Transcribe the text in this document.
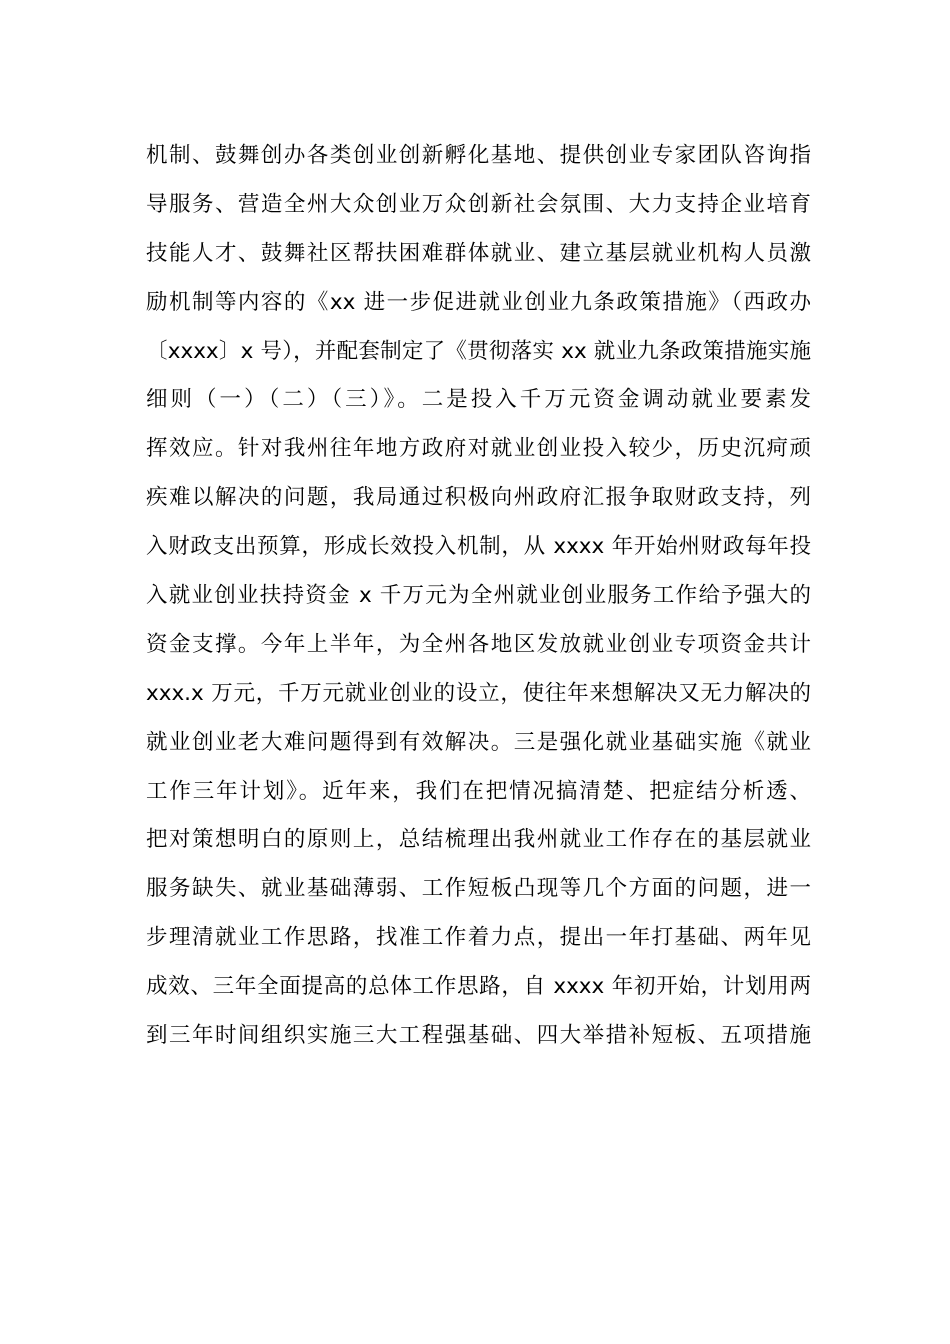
机制、鼓舞创办各类创业创新孵化基地、提供创业专家团队咨询指
导服务、营造全州大众创业万众创新社会氛围、大力支持企业培育
技能人才、鼓舞社区帮扶困难群体就业、建立基层就业机构人员激
励机制等内容的《xx 进一步促进就业创业九条政策措施》（西政办
〔xxxx〕x 号），并配套制定了《贯彻落实 xx 就业九条政策措施实施
细则（一）（二）（三）》。二是投入千万元资金调动就业要素发
挥效应。针对我州往年地方政府对就业创业投入较少，历史沉疴顽
疾难以解决的问题，我局通过积极向州政府汇报争取财政支持，列
入财政支出预算，形成长效投入机制，从 xxxx 年开始州财政每年投
入就业创业扶持资金 x 千万元为全州就业创业服务工作给予强大的
资金支撑。今年上半年，为全州各地区发放就业创业专项资金共计
xxx.x 万元，千万元就业创业的设立，使往年来想解决又无力解决的
就业创业老大难问题得到有效解决。三是强化就业基础实施《就业
工作三年计划》。近年来，我们在把情况搞清楚、把症结分析透、
把对策想明白的原则上，总结梳理出我州就业工作存在的基层就业
服务缺失、就业基础薄弱、工作短板凸现等几个方面的问题，进一
步理清就业工作思路，找准工作着力点，提出一年打基础、两年见
成效、三年全面提高的总体工作思路，自 xxxx 年初开始，计划用两
到三年时间组织实施三大工程强基础、四大举措补短板、五项措施
